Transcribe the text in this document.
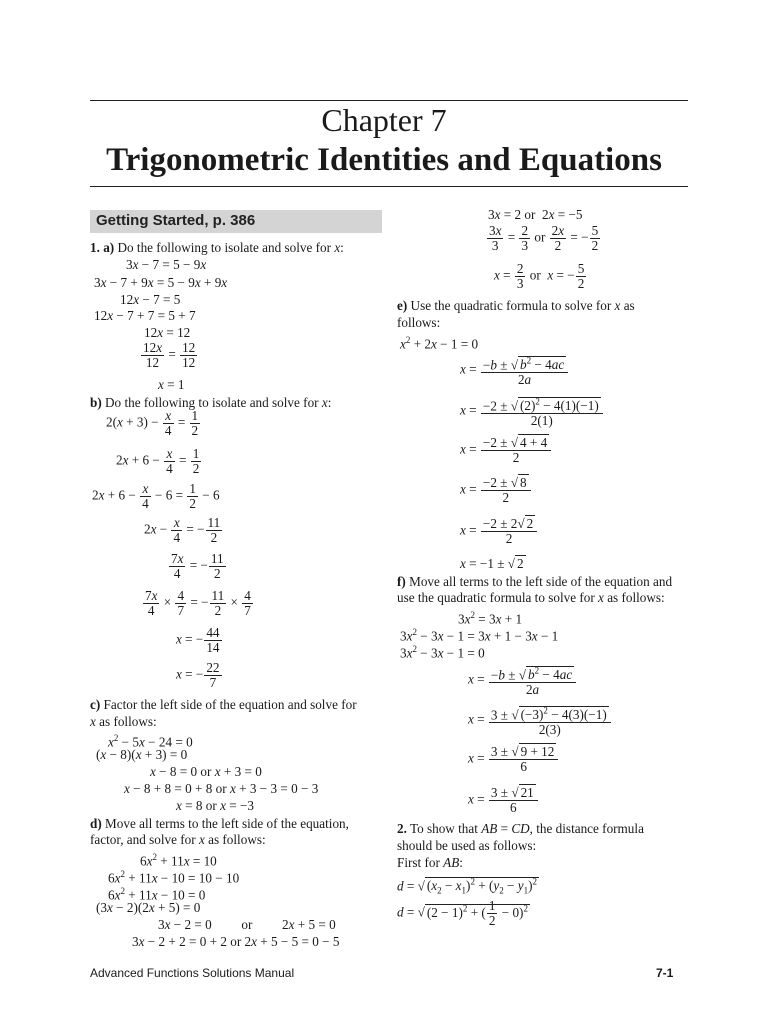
Chapter 7
Trigonometric Identities and Equations
Getting Started, p. 386
1. a) Do the following to isolate and solve for x:
3x − 7 = 5 − 9x
3x − 7 + 9x = 5 − 9x + 9x
12x − 7 = 5
12x − 7 + 7 = 5 + 7
12x = 12
$\frac{12x}{12} = \frac{12}{12}$
x = 1
b) Do the following to isolate and solve for x:
$2(x + 3) - \frac{x}{4} = \frac{1}{2}$
$2x + 6 - \frac{x}{4} = \frac{1}{2}$
$2x + 6 - \frac{x}{4} - 6 = \frac{1}{2} - 6$
$2x - \frac{x}{4}$ = − $\frac{11}{2}$
$\frac{7x}{4}$ = − $\frac{11}{2}$
$\frac{7x}{4} \times \frac{4}{7}$ = − $\frac{11}{2} \times \frac{4}{7}$
x = − $\frac{44}{14}$
x = − $\frac{22}{7}$
c) Factor the left side of the equation and solve for
x as follows:
$x^2 - 5x - 24 = 0$
(x − 8)(x + 3) = 0
x − 8 = 0 or x + 3 = 0
x − 8 + 8 = 0 + 8 or x + 3 − 3 = 0 − 3
x = 8 or x = −3
d) Move all terms to the left side of the equation,
factor, and solve for x as follows:
$6x^2 + 11x = 10$
$6x^2 + 11x - 10 = 10 - 10$
$6x^2 + 11x - 10 = 0$
(3x − 2)(2x + 5) = 0
3x − 2 = 0         or         2x + 5 = 0
3x − 2 + 2 = 0 + 2 or 2x + 5 − 5 = 0 − 5
3x = 2 or  2x = −5
$\frac{3x}{3} = \frac{2}{3}$ or $\frac{2x}{2}$ = − $\frac{5}{2}$
$x = \frac{2}{3}$ or  x = − $\frac{5}{2}$
e) Use the quadratic formula to solve for x as
follows:
$x^2 + 2x - 1 = 0$
$x = \frac{-b \pm √ b^2 - 4ac}{2a}$
$x = \frac{-2 \pm √ (2)^2 - 4(1)(-1)}{2(1)}$
$x = \frac{-2 \pm √ 4 + 4}{2}$
$x = \frac{-2 \pm √ 8}{2}$
$x = \frac{-2 \pm 2√ 2}{2}$
x = −1 ± √ 2
f) Move all terms to the left side of the equation and
use the quadratic formula to solve for x as follows:
$3x^2 = 3x + 1$
$3x^2 - 3x - 1 = 3x + 1 - 3x - 1$
$3x^2 - 3x - 1 = 0$
$x = \frac{-b \pm √ b^2 - 4ac}{2a}$
$x = \frac{3 \pm √ (-3)^2 - 4(3)(-1)}{2(3)}$
$x = \frac{3 \pm √ 9 + 12}{6}$
$x = \frac{3 \pm √ 21}{6}$
2. To show that AB = CD, the distance formula
should be used as follows:
First for AB:
d = √ $(x_2 - x_1)^2 + (y_2 - y_1)^2$
d = √ $(2 - 1)^2$ + ( $\frac{1}{2} - 0)^2$
Advanced Functions Solutions Manual	7-1
